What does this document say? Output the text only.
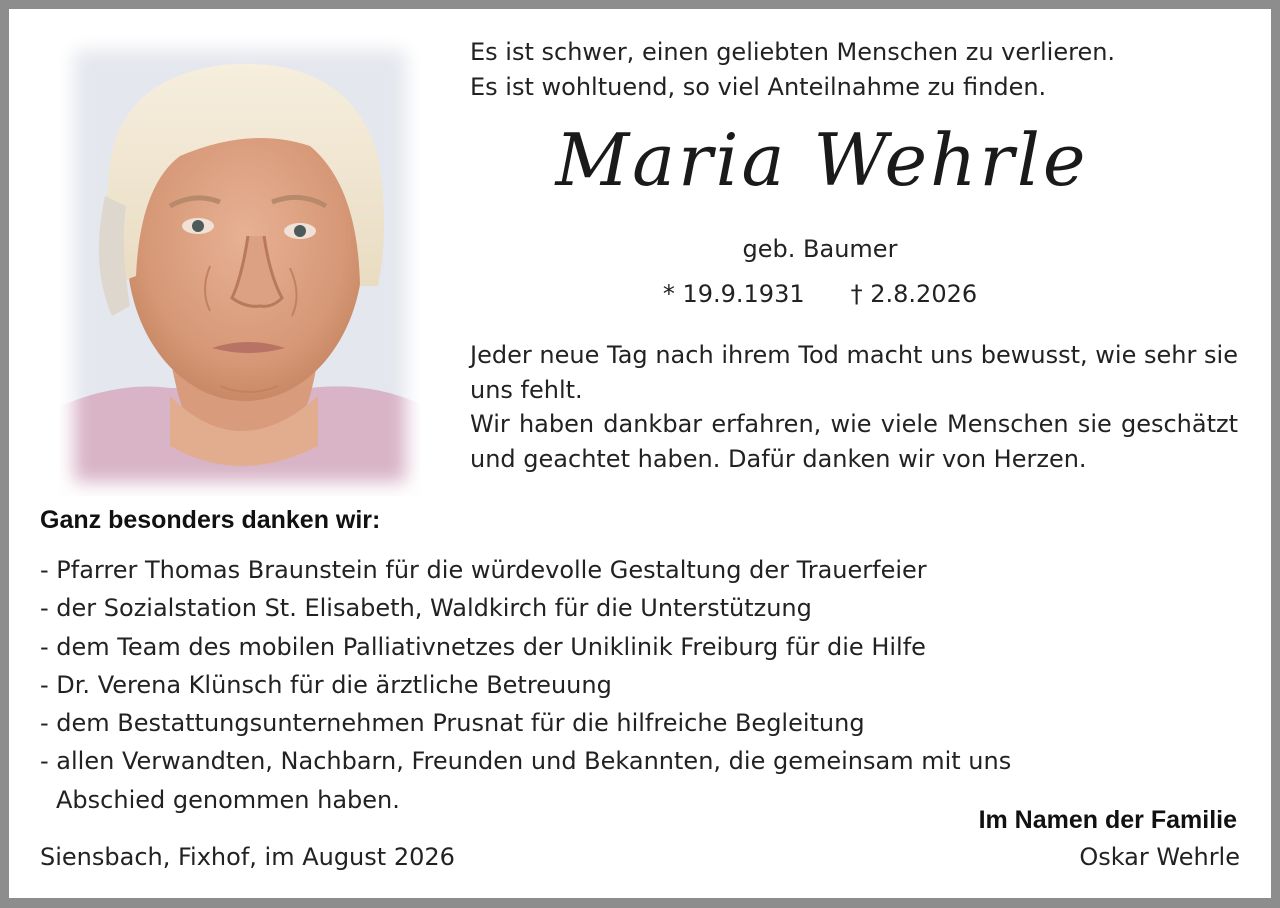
Es ist schwer, einen geliebten Menschen zu verlieren.

Es ist wohltuend, so viel Anteilnahme zu finden.

Maria Wehrle

geb. Baumer

* 19.9.1931 † 2.8.2026

Jeder neue Tag nach ihrem Tod macht uns bewusst, wie sehr sie uns fehlt.

Wir haben dankbar erfahren, wie viele Menschen sie geschätzt und geachtet haben. Dafür danken wir von Herzen.

Ganz besonders danken wir:

- Pfarrer Thomas Braunstein für die würdevolle Gestaltung der Trauerfeier
- der Sozialstation St. Elisabeth, Waldkirch für die Unterstützung
- dem Team des mobilen Palliativnetzes der Uniklinik Freiburg für die Hilfe
- Dr. Verena Klünsch für die ärztliche Betreuung
- dem Bestattungsunternehmen Prusnat für die hilfreiche Begleitung
- allen Verwandten, Nachbarn, Freunden und Bekannten, die gemeinsam mit uns
Abschied genommen haben.

Im Namen der Familie

Oskar Wehrle

Siensbach, Fixhof, im August 2026
